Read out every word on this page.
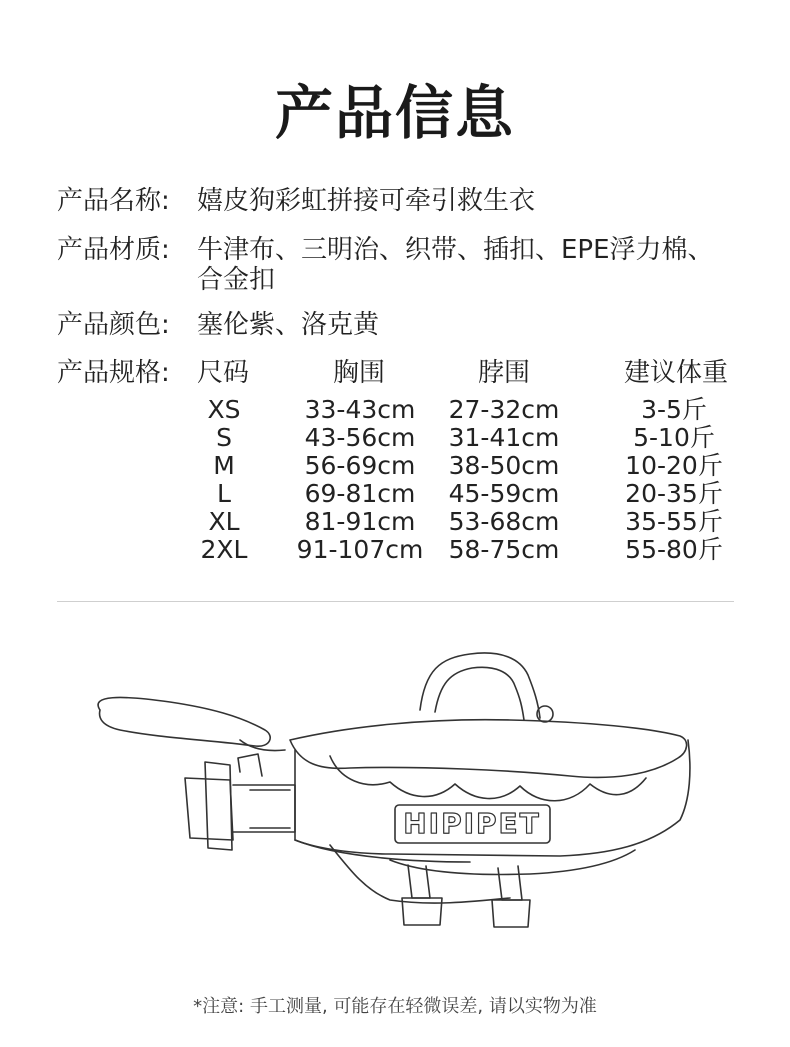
产品信息
产品名称: 嬉皮狗彩虹拼接可牵引救生衣
产品材质: 牛津布、三明治、织带、插扣、EPE浮力棉、
合金扣
产品颜色: 塞伦紫、洛克黄
产品规格: 尺码	胸围	脖围	建议体重
XS	33-43cm	27-32cm	3-5斤
S	43-56cm	31-41cm	5-10斤
M	56-69cm	38-50cm	10-20斤
L	69-81cm	45-59cm	20-35斤
XL	81-91cm	53-68cm	35-55斤
2XL	91-107cm	58-75cm	55-80斤
HIPIPET
*注意: 手工测量, 可能存在轻微误差, 请以实物为准
